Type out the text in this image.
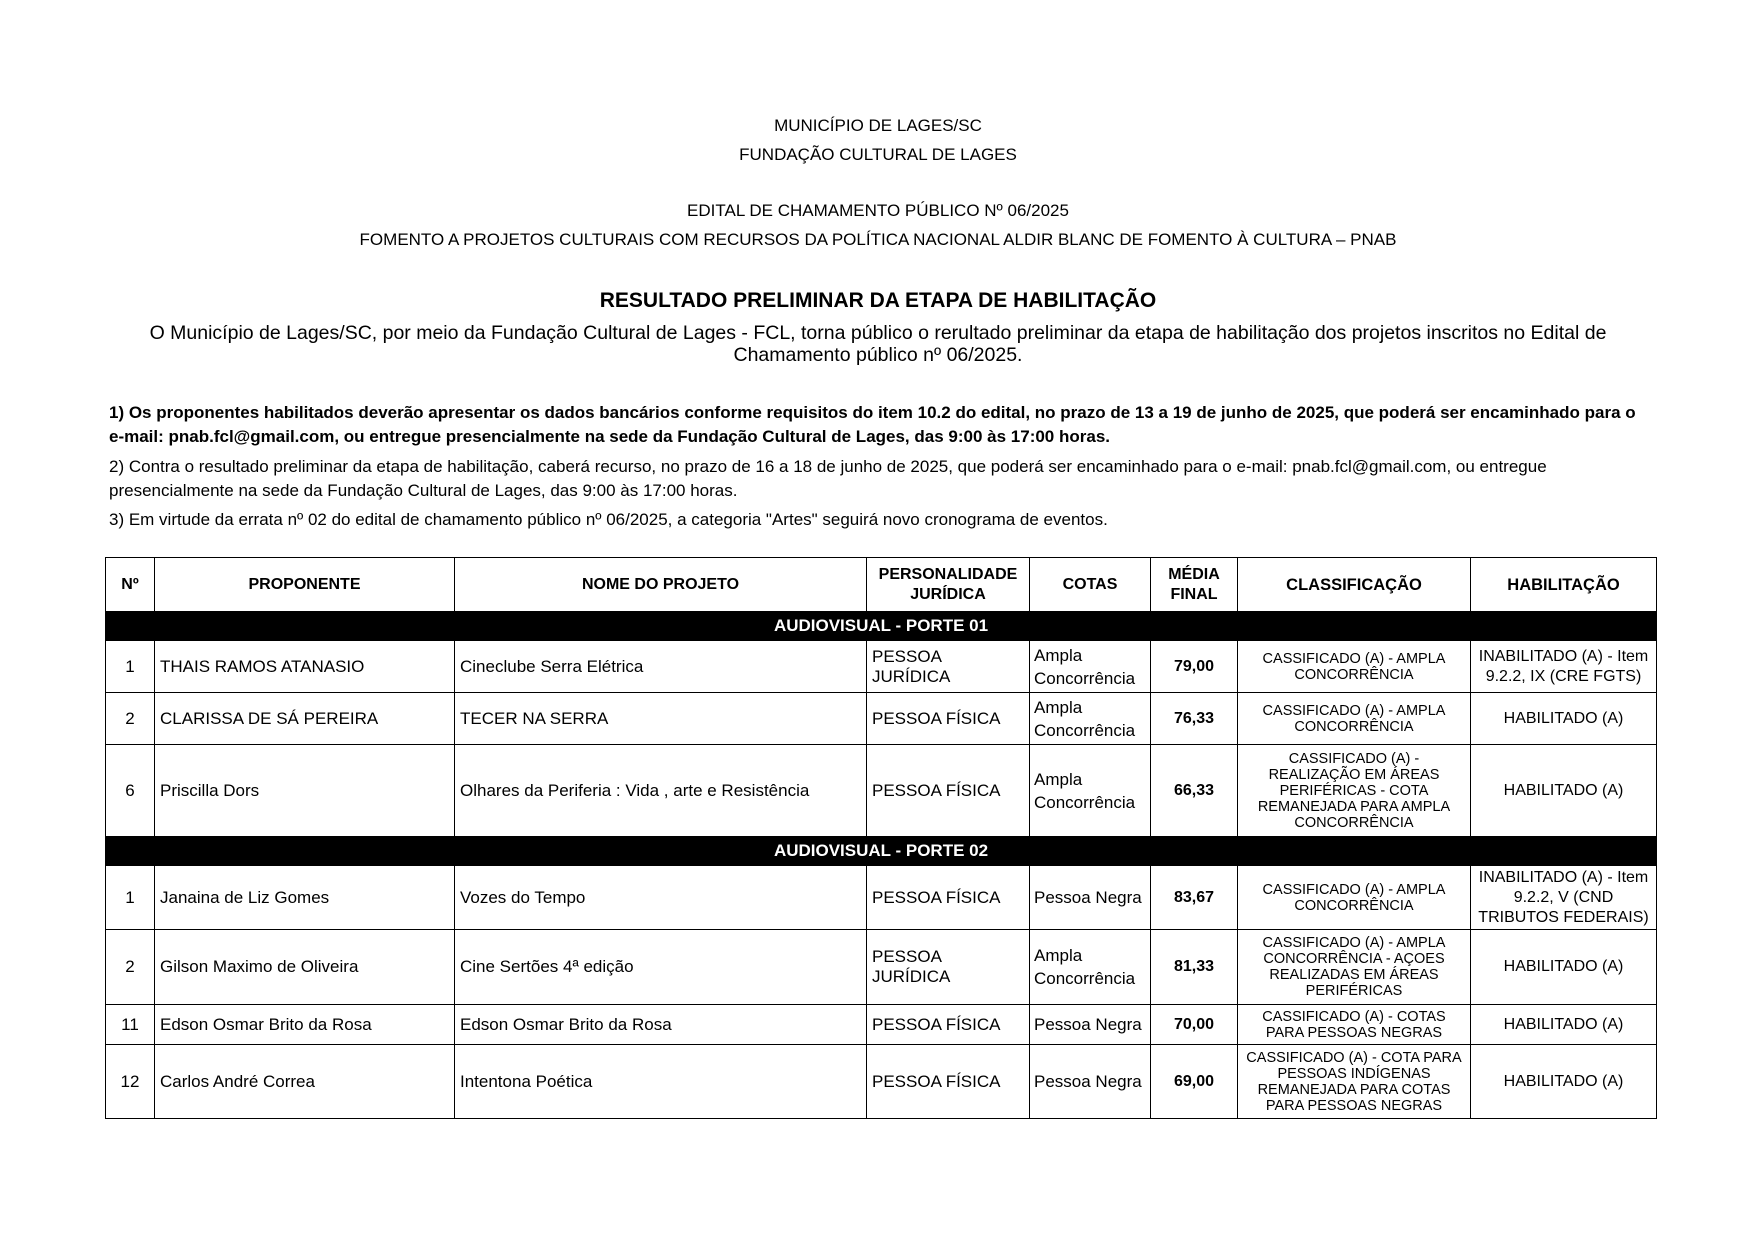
MUNICÍPIO DE LAGES/SC
FUNDAÇÃO CULTURAL DE LAGES
EDITAL DE CHAMAMENTO PÚBLICO Nº 06/2025
FOMENTO A PROJETOS CULTURAIS COM RECURSOS DA POLÍTICA NACIONAL ALDIR BLANC DE FOMENTO À CULTURA – PNAB
RESULTADO PRELIMINAR DA ETAPA DE HABILITAÇÃO
O Município de Lages/SC, por meio da Fundação Cultural de Lages - FCL, torna público o rerultado preliminar da etapa de habilitação dos projetos inscritos no Edital de Chamamento público nº 06/2025.
1) Os proponentes habilitados deverão apresentar os dados bancários conforme requisitos do item 10.2 do edital, no prazo de 13 a 19 de junho de 2025, que poderá ser encaminhado para o e-mail: pnab.fcl@gmail.com, ou entregue presencialmente na sede da Fundação Cultural de Lages, das 9:00 às 17:00 horas.
2) Contra o resultado preliminar da etapa de habilitação, caberá recurso, no prazo de 16 a 18 de junho de 2025, que poderá ser encaminhado para o e-mail: pnab.fcl@gmail.com, ou entregue presencialmente na sede da Fundação Cultural de Lages, das 9:00 às 17:00 horas.
3) Em virtude da errata nº 02 do edital de chamamento público nº 06/2025, a categoria "Artes" seguirá novo cronograma de eventos.
Nº	PROPONENTE	NOME DO PROJETO	PERSONALIDADE JURÍDICA	COTAS	MÉDIA FINAL	CLASSIFICAÇÃO	HABILITAÇÃO
AUDIOVISUAL - PORTE 01							
1	THAIS RAMOS ATANASIO	Cineclube Serra Elétrica	PESSOA JURÍDICA	Ampla Concorrência	79,00	CASSIFICADO (A) - AMPLA CONCORRÊNCIA	INABILITADO (A) - Item 9.2.2, IX (CRE FGTS)
2	CLARISSA DE SÁ PEREIRA	TECER NA SERRA	PESSOA FÍSICA	Ampla Concorrência	76,33	CASSIFICADO (A) - AMPLA CONCORRÊNCIA	HABILITADO (A)
6	Priscilla Dors	Olhares da Periferia : Vida , arte e Resistência	PESSOA FÍSICA	Ampla Concorrência	66,33	CASSIFICADO (A) - REALIZAÇÃO EM ÁREAS PERIFÉRICAS - COTA REMANEJADA PARA AMPLA CONCORRÊNCIA	HABILITADO (A)
AUDIOVISUAL - PORTE 02							
1	Janaina de Liz Gomes	Vozes do Tempo	PESSOA FÍSICA	Pessoa Negra	83,67	CASSIFICADO (A) - AMPLA CONCORRÊNCIA	INABILITADO (A) - Item 9.2.2, V (CND TRIBUTOS FEDERAIS)
2	Gilson Maximo de Oliveira	Cine Sertões 4ª edição	PESSOA JURÍDICA	Ampla Concorrência	81,33	CASSIFICADO (A) - AMPLA CONCORRÊNCIA - AÇOES REALIZADAS EM ÁREAS PERIFÉRICAS	HABILITADO (A)
11	Edson Osmar Brito da Rosa	Edson Osmar Brito da Rosa	PESSOA FÍSICA	Pessoa Negra	70,00	CASSIFICADO (A) - COTAS PARA PESSOAS NEGRAS	HABILITADO (A)
12	Carlos André Correa	Intentona Poética	PESSOA FÍSICA	Pessoa Negra	69,00	CASSIFICADO (A) - COTA PARA PESSOAS INDÍGENAS REMANEJADA PARA COTAS PARA PESSOAS NEGRAS	HABILITADO (A)
